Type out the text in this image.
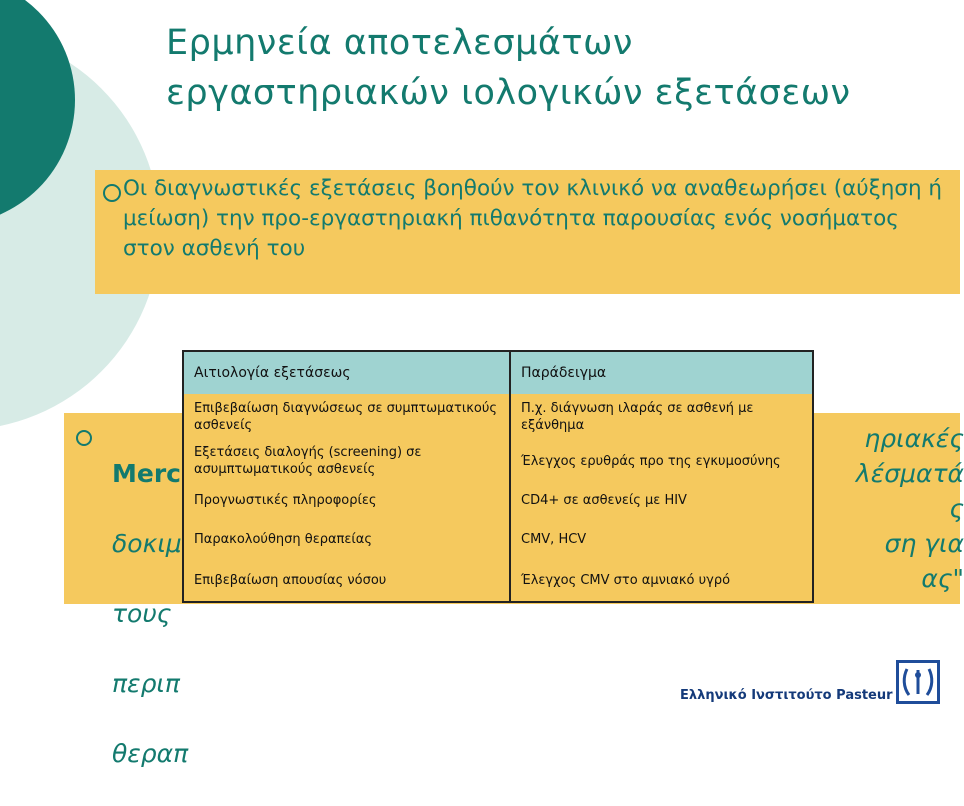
Ερμηνεία αποτελεσμάτων
εργαστηριακών ιολογικών εξετάσεων

Οι διαγνωστικές εξετάσεις βοηθούν τον κλινικό να αναθεωρήσει (αύξηση ή μείωση) την προ-εργαστηριακή πιθανότητα παρουσίας ενός νοσήματος στον ασθενή του

Merc

δοκιμ

τους

περιπ

θεραπ

ηριακές
λέσματά
ς
ση για
ας"
Αιτιολογία εξετάσεως	Παράδειγμα
Επιβεβαίωση διαγνώσεως σε συμπτωματικούς ασθενείς	Π.χ. διάγνωση ιλαράς σε ασθενή με εξάνθημα
Εξετάσεις διαλογής (screening) σε ασυμπτωματικούς ασθενείς	Έλεγχος ερυθράς προ της εγκυμοσύνης
Προγνωστικές πληροφορίες	CD4+ σε ασθενείς με HIV
Παρακολούθηση θεραπείας	CMV, HCV
Επιβεβαίωση απουσίας νόσου	Έλεγχος CMV στο αμνιακό υγρό
Ελληνικό Ινστιτούτο Pasteur
